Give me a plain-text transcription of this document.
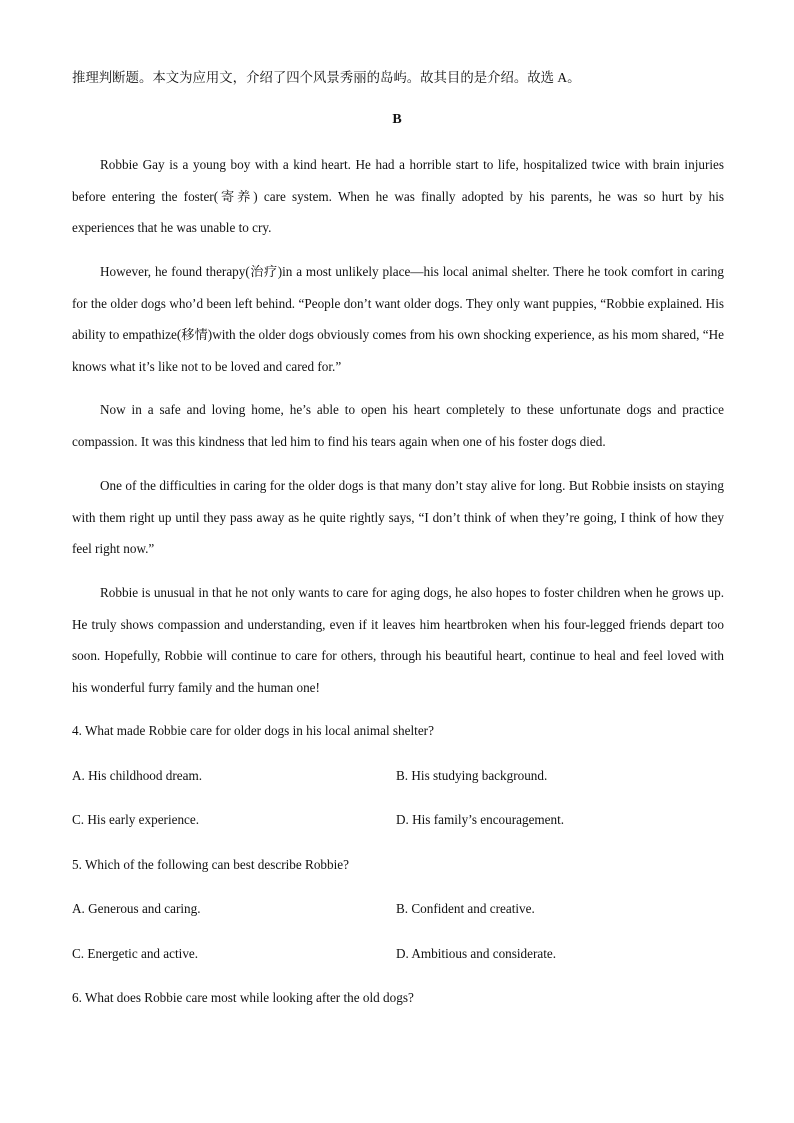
推理判断题。本文为应用文，介绍了四个风景秀丽的岛屿。故其目的是介绍。故选 A。
B

Robbie Gay is a young boy with a kind heart. He had a horrible start to life, hospitalized twice with brain injuries before entering the foster(寄养) care system. When he was finally adopted by his parents, he was so hurt by his experiences that he was unable to cry.

However, he found therapy(治疗)in a most unlikely place—his local animal shelter. There he took comfort in caring for the older dogs who’d been left behind. “People don’t want older dogs. They only want puppies, “Robbie explained. His ability to empathize(移情)with the older dogs obviously comes from his own shocking experience, as his mom shared, “He knows what it’s like not to be loved and cared for.”

Now in a safe and loving home, he’s able to open his heart completely to these unfortunate dogs and practice compassion. It was this kindness that led him to find his tears again when one of his foster dogs died.

One of the difficulties in caring for the older dogs is that many don’t stay alive for long. But Robbie insists on staying with them right up until they pass away as he quite rightly says, “I don’t think of when they’re going, I think of how they feel right now.”

Robbie is unusual in that he not only wants to care for aging dogs, he also hopes to foster children when he grows up. He truly shows compassion and understanding, even if it leaves him heartbroken when his four-legged friends depart too soon. Hopefully, Robbie will continue to care for others, through his beautiful heart, continue to heal and feel loved with his wonderful furry family and the human one!

4. What made Robbie care for older dogs in his local animal shelter?
A. His childhood dream.	B. His studying background.
C. His early experience.	D. His family’s encouragement.
5. Which of the following can best describe Robbie?
A. Generous and caring.	B. Confident and creative.
C. Energetic and active.	D. Ambitious and considerate.
6. What does Robbie care most while looking after the old dogs?
